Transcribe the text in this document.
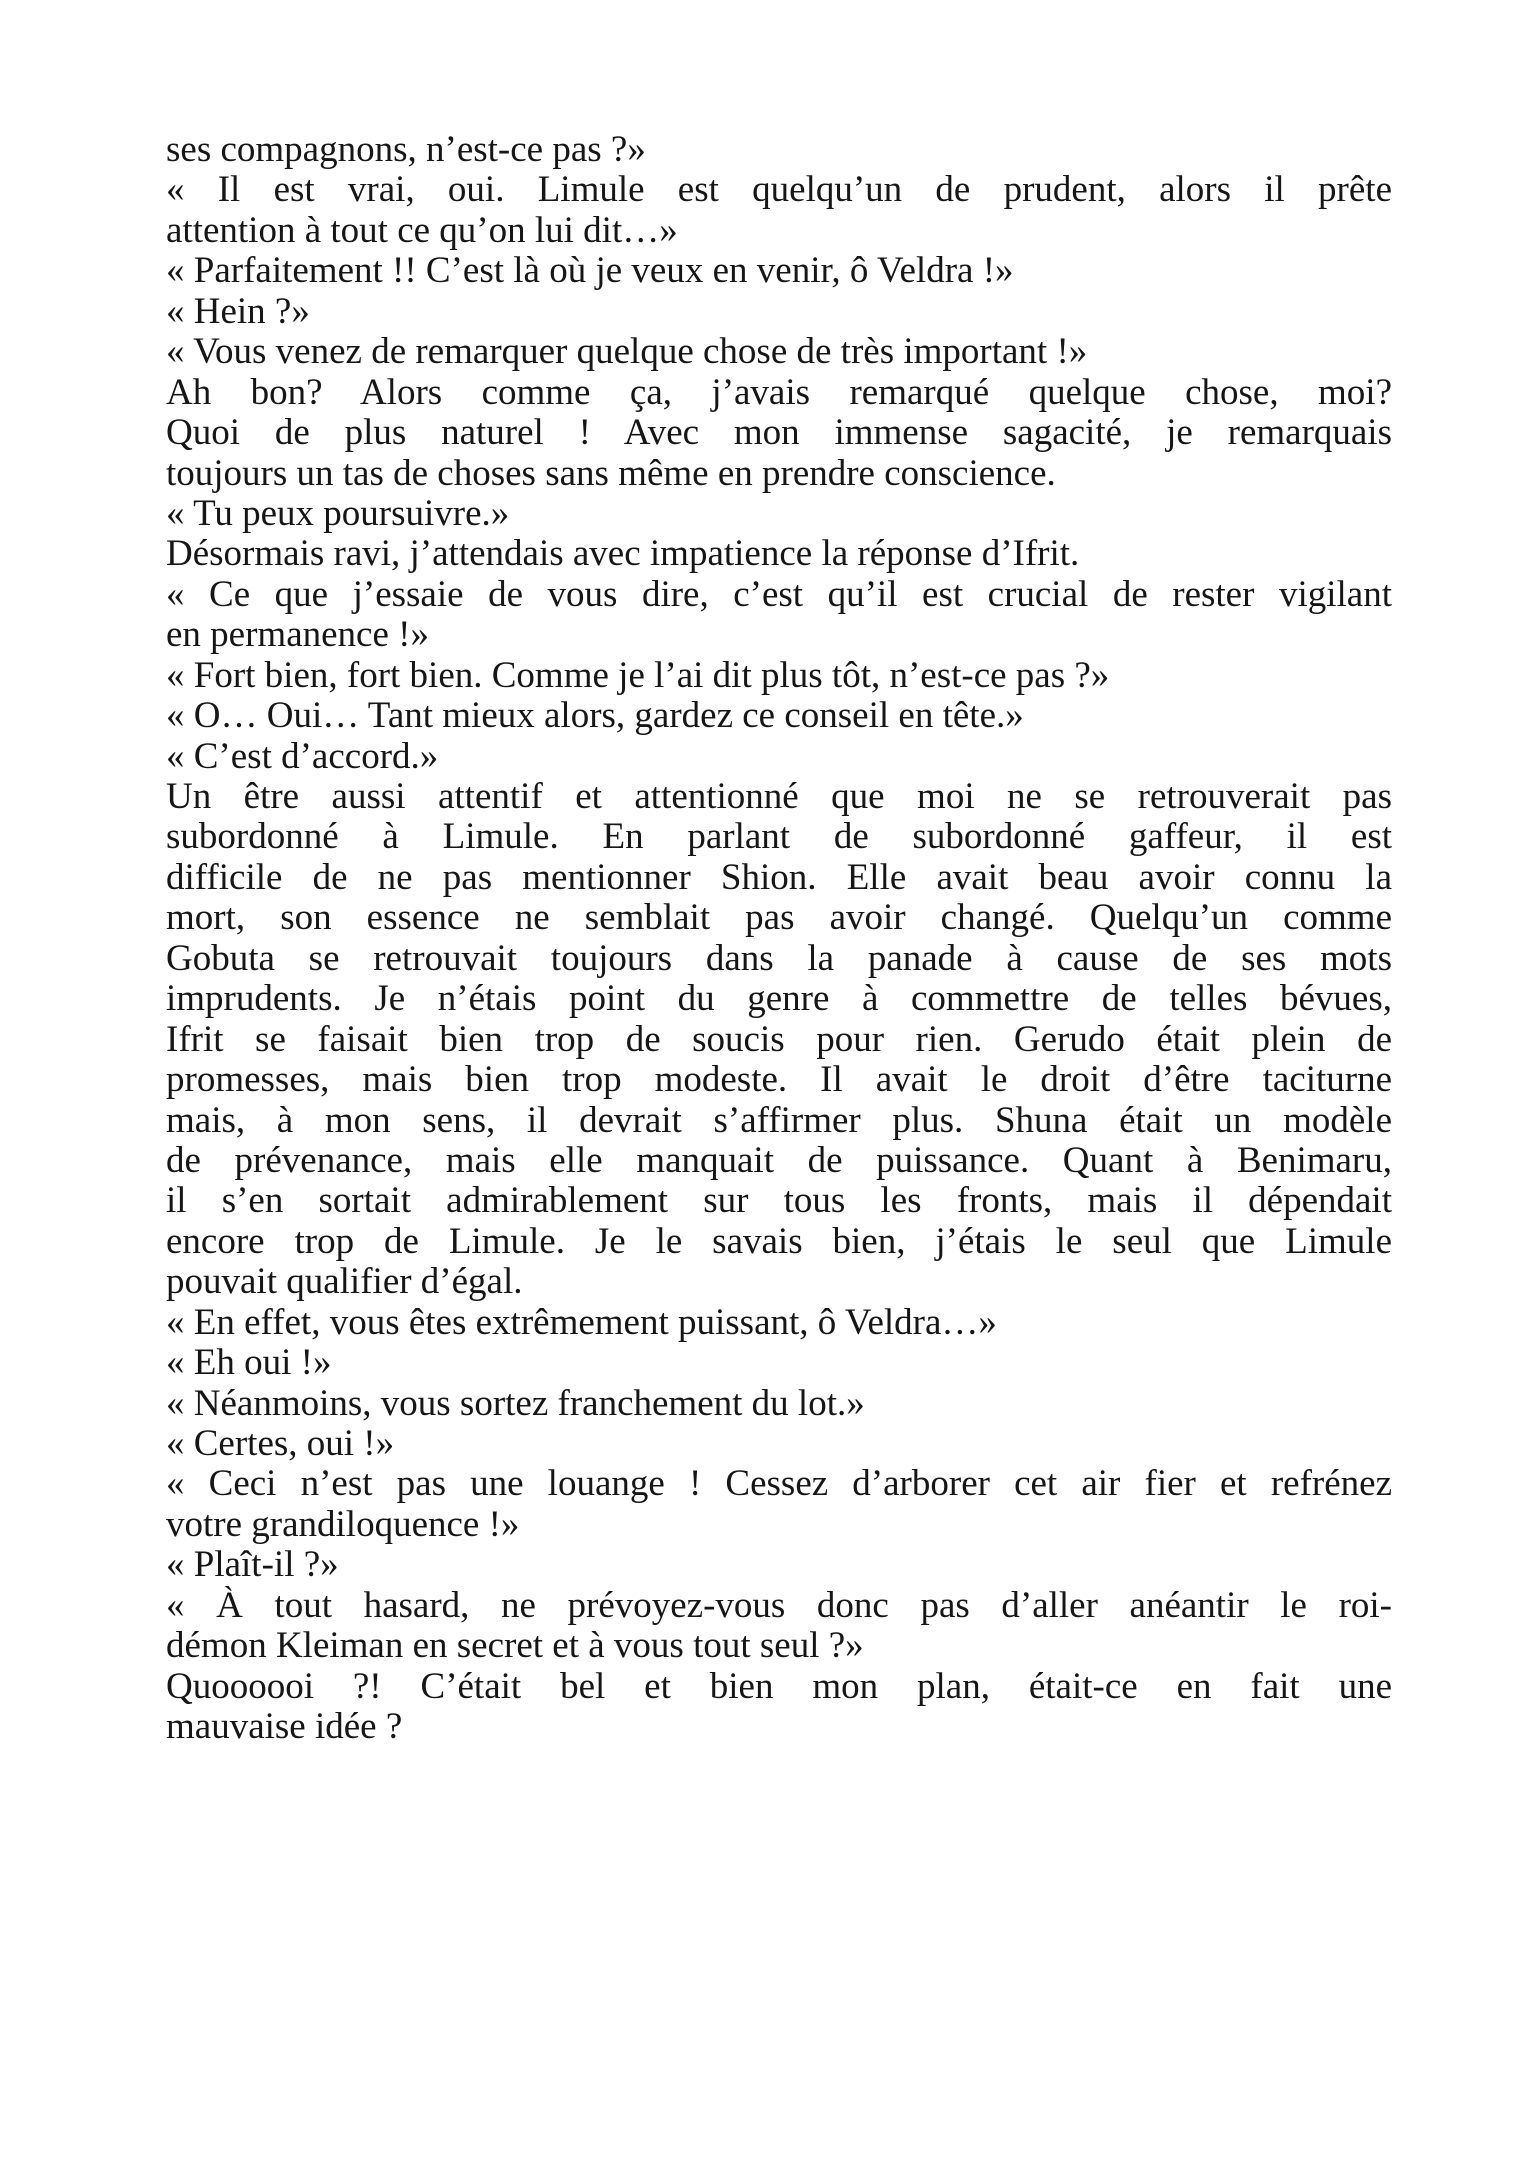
ses compagnons, n’est-ce pas ?»
« Il est vrai, oui. Limule est quelqu’un de prudent, alors il prête
attention à tout ce qu’on lui dit…»
« Parfaitement !! C’est là où je veux en venir, ô Veldra !»
« Hein ?»
« Vous venez de remarquer quelque chose de très important !»
Ah bon? Alors comme ça, j’avais remarqué quelque chose, moi?
Quoi de plus naturel ! Avec mon immense sagacité, je remarquais
toujours un tas de choses sans même en prendre conscience.
« Tu peux poursuivre.»
Désormais ravi, j’attendais avec impatience la réponse d’Ifrit.
« Ce que j’essaie de vous dire, c’est qu’il est crucial de rester vigilant
en permanence !»
« Fort bien, fort bien. Comme je l’ai dit plus tôt, n’est-ce pas ?»
« O… Oui… Tant mieux alors, gardez ce conseil en tête.»
« C’est d’accord.»
Un être aussi attentif et attentionné que moi ne se retrouverait pas
subordonné à Limule. En parlant de subordonné gaffeur, il est
difficile de ne pas mentionner Shion. Elle avait beau avoir connu la
mort, son essence ne semblait pas avoir changé. Quelqu’un comme
Gobuta se retrouvait toujours dans la panade à cause de ses mots
imprudents. Je n’étais point du genre à commettre de telles bévues,
Ifrit se faisait bien trop de soucis pour rien. Gerudo était plein de
promesses, mais bien trop modeste. Il avait le droit d’être taciturne
mais, à mon sens, il devrait s’affirmer plus. Shuna était un modèle
de prévenance, mais elle manquait de puissance. Quant à Benimaru,
il s’en sortait admirablement sur tous les fronts, mais il dépendait
encore trop de Limule. Je le savais bien, j’étais le seul que Limule
pouvait qualifier d’égal.
« En effet, vous êtes extrêmement puissant, ô Veldra…»
« Eh oui !»
« Néanmoins, vous sortez franchement du lot.»
« Certes, oui !»
« Ceci n’est pas une louange ! Cessez d’arborer cet air fier et refrénez
votre grandiloquence !»
« Plaît-il ?»
« À tout hasard, ne prévoyez-vous donc pas d’aller anéantir le roi-
démon Kleiman en secret et à vous tout seul ?»
Quoooooi ?! C’était bel et bien mon plan, était-ce en fait une
mauvaise idée ?
